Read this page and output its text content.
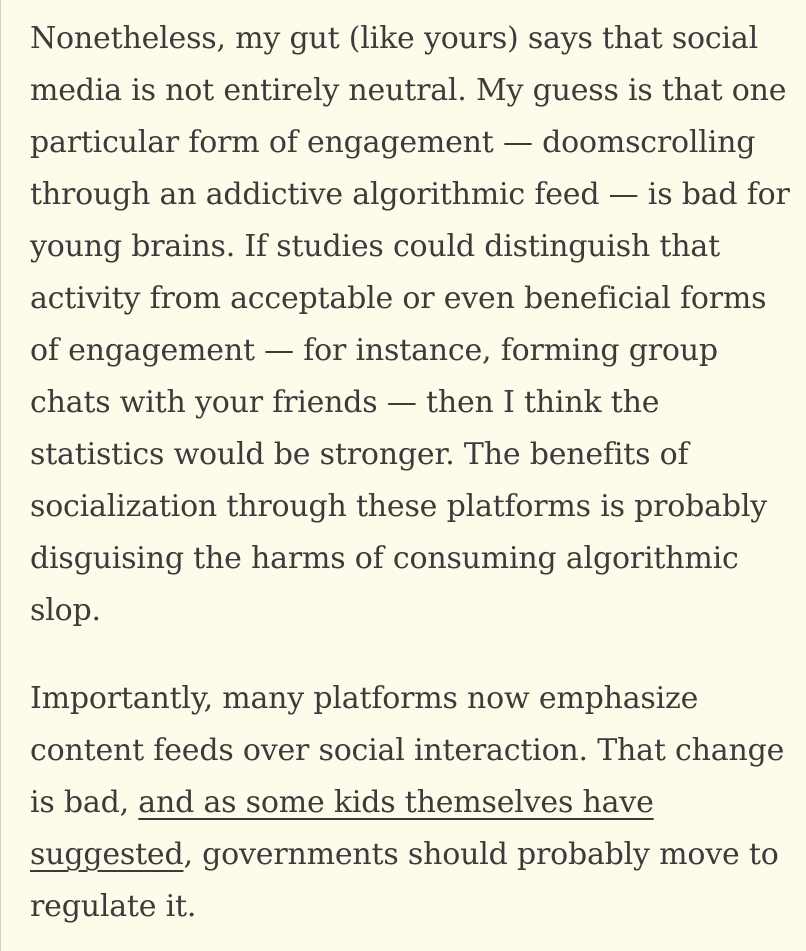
Nonetheless, my gut (like yours) says that social media is not entirely neutral. My guess is that one particular form of engagement — doomscrolling through an addictive algorithmic feed — is bad for young brains. If studies could distinguish that activity from acceptable or even beneficial forms of engagement — for instance, forming group chats with your friends — then I think the statistics would be stronger. The benefits of socialization through these platforms is probably disguising the harms of consuming algorithmic slop.

Importantly, many platforms now emphasize content feeds over social interaction. That change is bad, and as some kids themselves have suggested, governments should probably move to regulate it.
